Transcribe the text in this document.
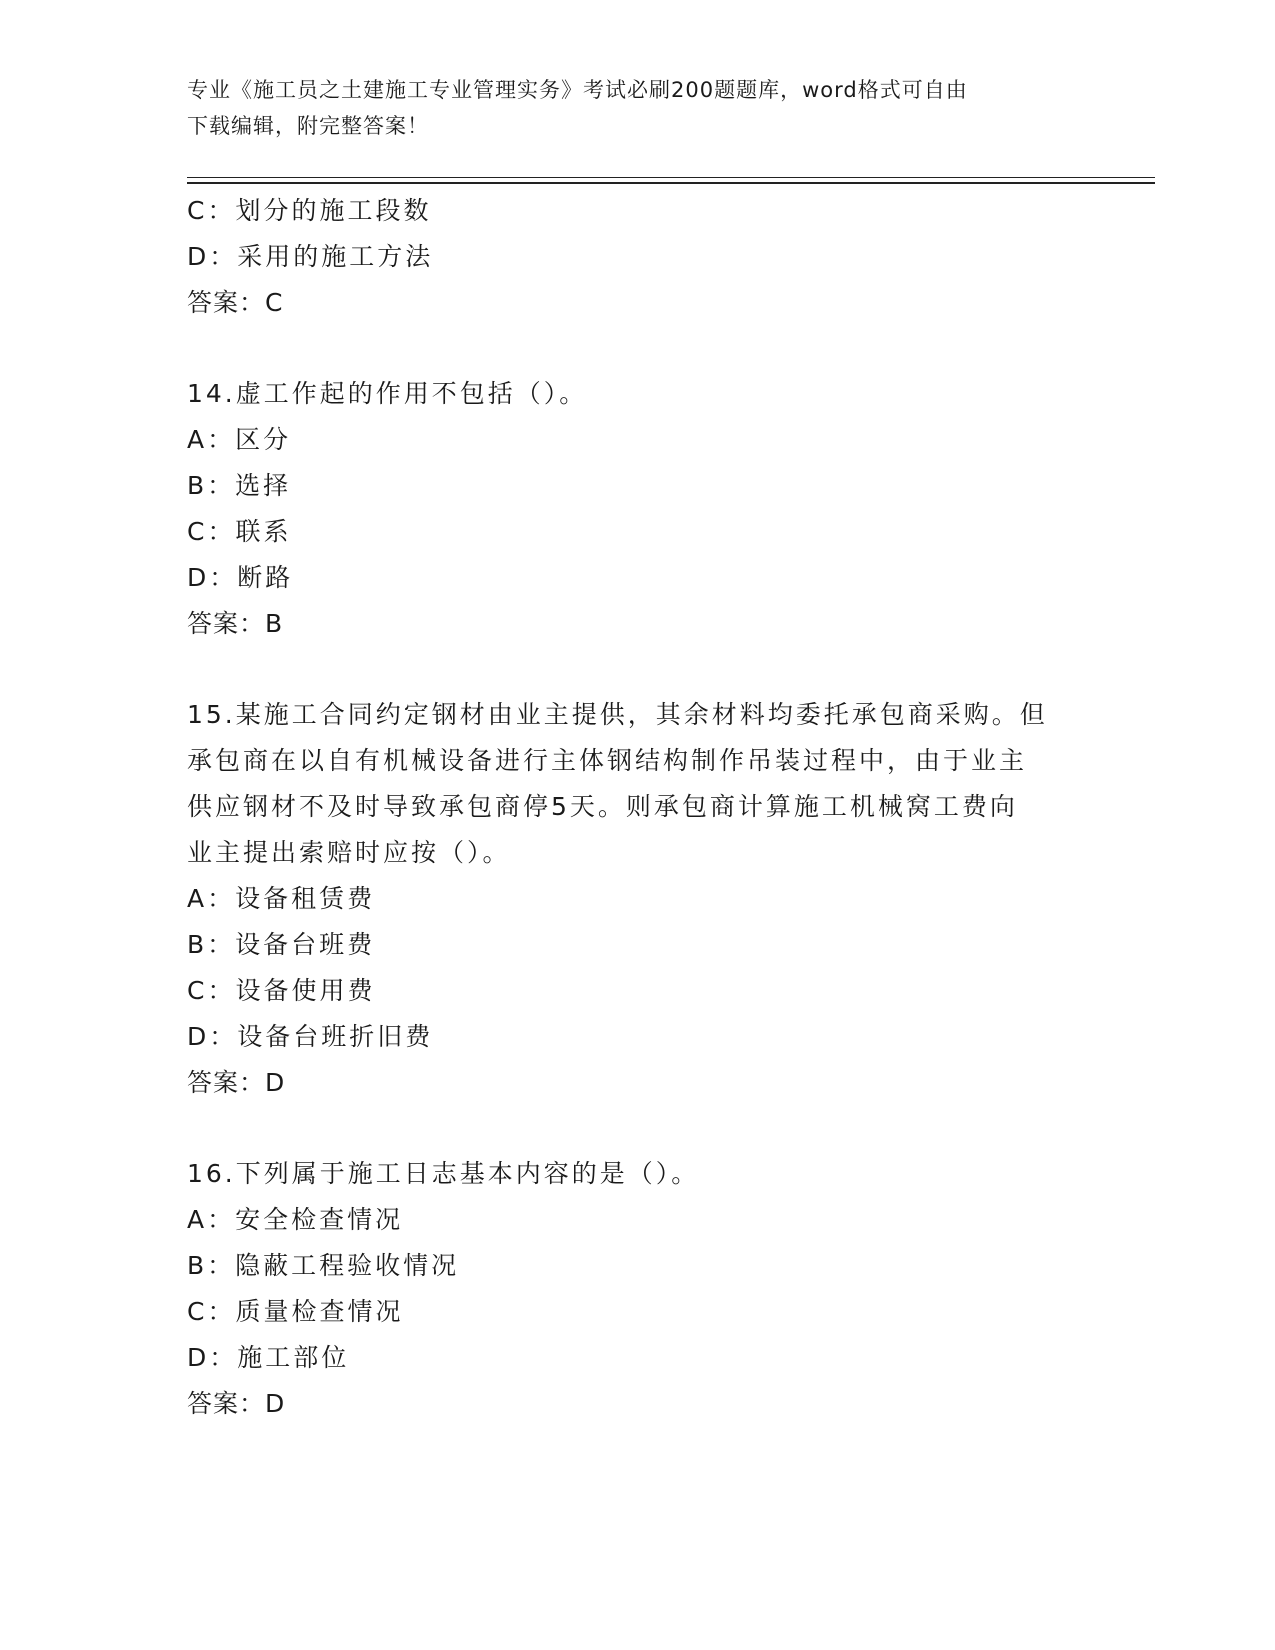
专业《施工员之土建施工专业管理实务》考试必刷200题题库，word格式可自由
下载编辑，附完整答案！
C：划分的施工段数
D：采用的施工方法
答案：C
14.虚工作起的作用不包括（）。
A：区分
B：选择
C：联系
D：断路
答案：B
15.某施工合同约定钢材由业主提供，其余材料均委托承包商采购。但
承包商在以自有机械设备进行主体钢结构制作吊装过程中，由于业主
供应钢材不及时导致承包商停5天。则承包商计算施工机械窝工费向
业主提出索赔时应按（）。
A：设备租赁费
B：设备台班费
C：设备使用费
D：设备台班折旧费
答案：D
16.下列属于施工日志基本内容的是（）。
A：安全检查情况
B：隐蔽工程验收情况
C：质量检查情况
D：施工部位
答案：D
